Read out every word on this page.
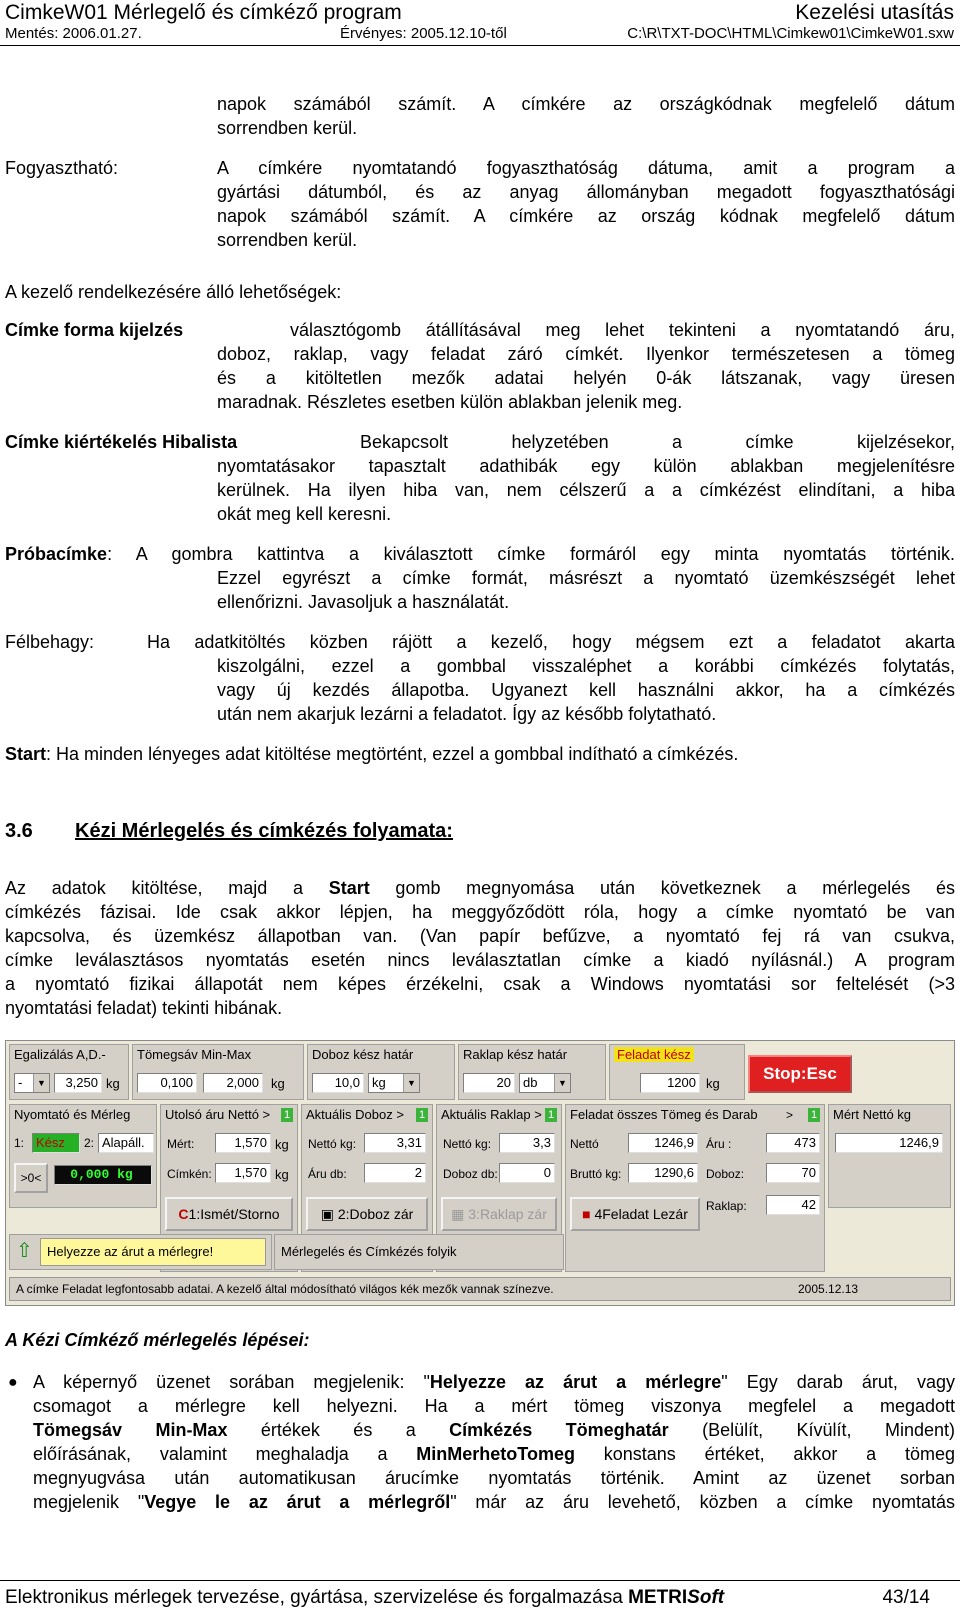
CimkeW01 Mérlegelő és címkéző program	Kezelési utasítás
Mentés: 2006.01.27.	Érvényes: 2005.12.10-től	C:\R\TXT-DOC\HTML\Cimkew01\CimkeW01.sxw
napok számából számít. A címkére az országkódnak megfelelő dátum
sorrendben kerül.
Fogyasztható:	A címkére nyomtatandó fogyaszthatóság dátuma, amit a program a
gyártási dátumból, és az anyag állományban megadott fogyaszthatósági
napok számából számít. A címkére az ország kódnak megfelelő dátum
sorrendben kerül.
A kezelő rendelkezésére álló lehetőségek:
Címke forma kijelzés	választógomb átállításával meg lehet tekinteni a nyomtatandó áru,
doboz, raklap, vagy feladat záró címkét. Ilyenkor természetesen a tömeg
és a kitöltetlen mezők adatai helyén 0-ák látszanak, vagy üresen
maradnak. Részletes esetben külön ablakban jelenik meg.
Címke kiértékelés Hibalista	Bekapcsolt helyzetében a címke kijelzésekor,
nyomtatásakor tapasztalt adathibák egy külön ablakban megjelenítésre
kerülnek. Ha ilyen hiba van, nem célszerű a a címkézést elindítani, a hiba
okát meg kell keresni.
Próbacímke: A gombra kattintva a kiválasztott címke formáról egy minta nyomtatás történik.
Ezzel egyrészt a címke formát, másrészt a nyomtató üzemkészségét lehet
ellenőrizni. Javasoljuk a használatát.
Félbehagy:	Ha adatkitöltés közben rájött a kezelő, hogy mégsem ezt a feladatot akarta
kiszolgálni, ezzel a gombbal visszaléphet a korábbi címkézés folytatás,
vagy új kezdés állapotba. Ugyanezt kell használni akkor, ha a címkézés
után nem akarjuk lezárni a feladatot. Így az később folytatható.
Start: Ha minden lényeges adat kitöltése megtörtént, ezzel a gombbal indítható a címkézés.
3.6 Kézi Mérlegelés és címkézés folyamata:
Az adatok kitöltése, majd a Start gomb megnyomása után következnek a mérlegelés és
címkézés fázisai. Ide csak akkor lépjen, ha meggyőződött róla, hogy a címke nyomtató be van
kapcsolva, és üzemkész állapotban van. (Van papír befűzve, a nyomtató fej rá van csukva,
címke leválasztásos nyomtatás esetén nincs leválasztatlan címke a kiadó nyílásnál.) A program
a nyomtató fizikai állapotát nem képes érzékelni, csak a Windows nyomtatási sor feltelését (>3
nyomtatási feladat) tekinti hibának.
Egalizálás A,D.-
-	▼	3,250 kg
Tömegsáv Min-Max
0,100	2,000 kg
Doboz kész határ
10,0 kg	▼
Raklap kész határ
20 db	▼
Feladat kész
1200 kg
Stop:Esc
Nyomtató és Mérleg
1: Kész	2: Alapáll.
>0<	0,000 kg
Utolsó áru Nettó > 1
Mért:	1,570 kg
Címkén:	1,570 kg
C1:Ismét/Storno
Aktuális Doboz > 1
Nettó kg:	3,31
Áru db:	2
▣ 2:Doboz zár
Aktuális Raklap > 1
Nettó kg:	3,3
Doboz db:	0
▦ 3:Raklap zár
Feladat összes Tömeg és Darab > 1
Nettó	1246,9
Bruttó kg:	1290,6
Áru :	473
Doboz:	70
Raklap:	42
■ 4Feladat Lezár
Mért Nettó kg
1246,9
⇧	Helyezze az árut a mérlegre!	Mérlegelés és Címkézés folyik
A címke Feladat legfontosabb adatai. A kezelő által módosítható világos kék mezők vannak színezve.	2005.12.13
A Kézi Címkéző mérlegelés lépései:
● A képernyő üzenet sorában megjelenik: "Helyezze az árut a mérlegre" Egy darab árut, vagy
csomagot a mérlegre kell helyezni. Ha a mért tömeg viszonya megfelel a megadott
Tömegsáv Min-Max értékek és a Címkézés Tömeghatár (Belülít, Kívülít, Mindent)
előírásának, valamint meghaladja a MinMerhetoTomeg konstans értéket, akkor a tömeg
megnyugvása után automatikusan árucímke nyomtatás történik. Amint az üzenet sorban
megjelenik "Vegye le az árut a mérlegről" már az áru levehető, közben a címke nyomtatás
Elektronikus mérlegek tervezése, gyártása, szervizelése és forgalmazása METRISoft	43/14
